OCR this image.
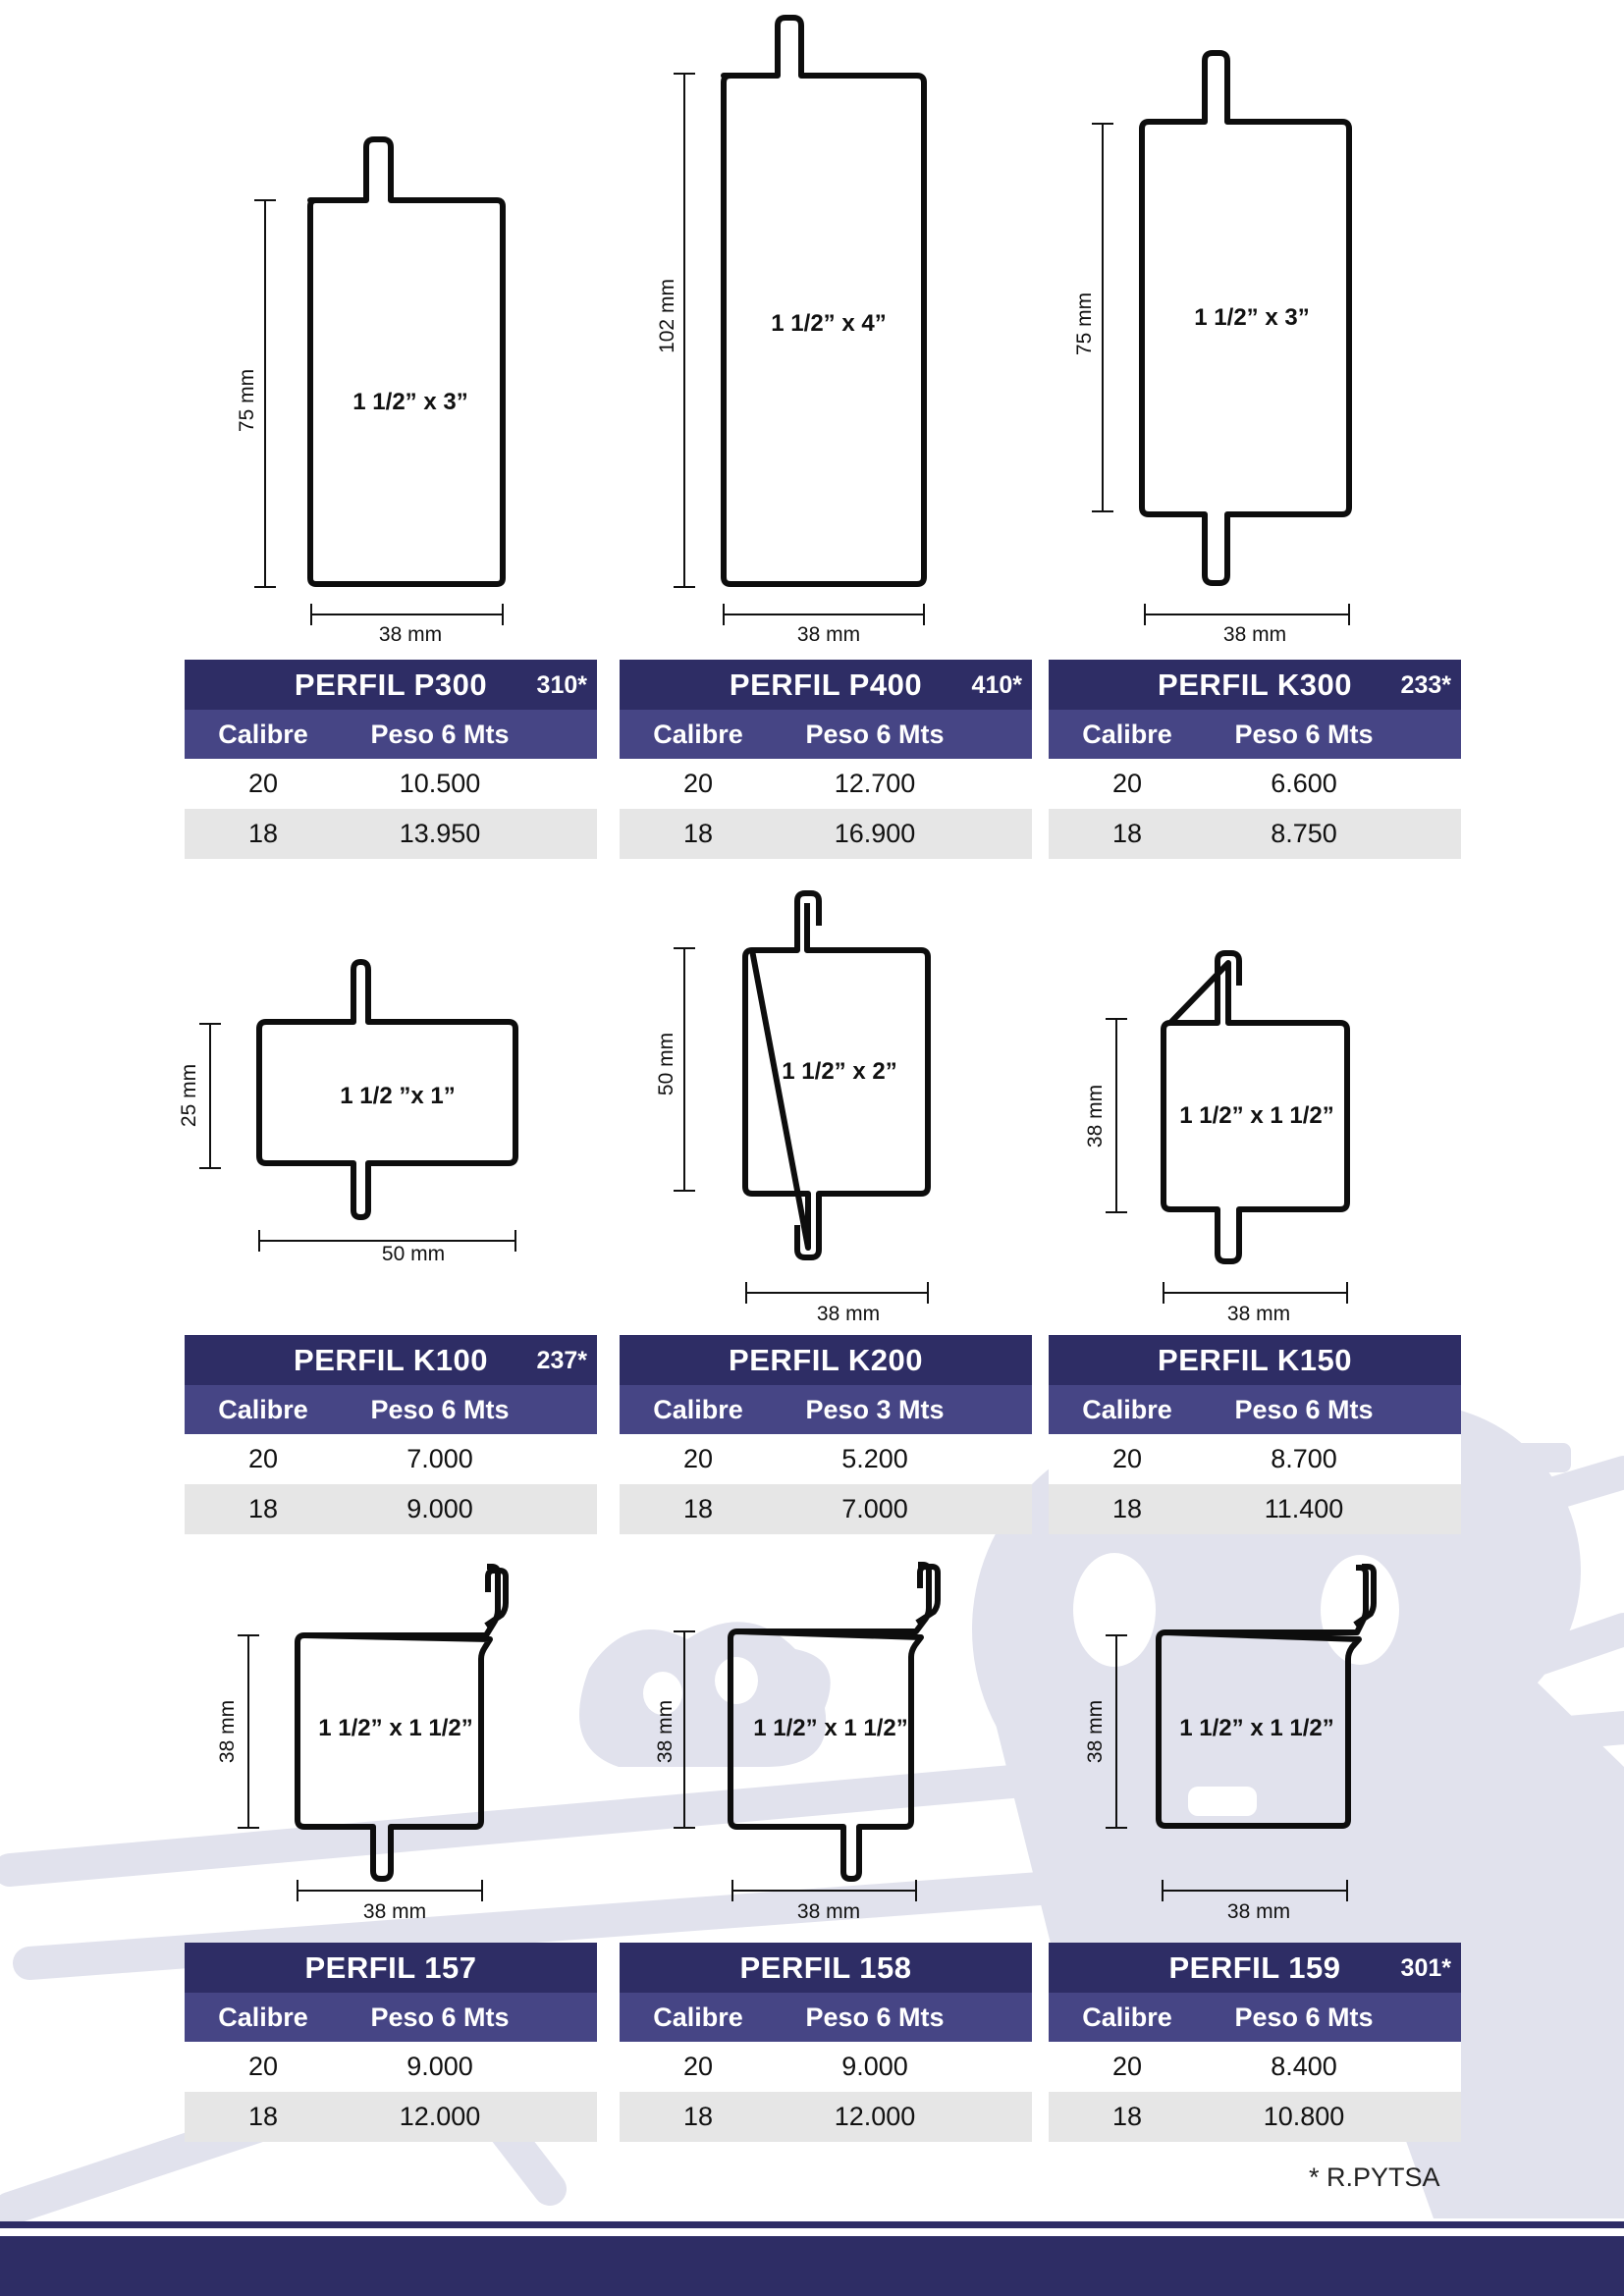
75 mm
38 mm
1 1/2” x 3”
102 mm
38 mm
1 1/2” x 4”	75 mm
38 mm
1 1/2” x 3”
25 mm
50 mm
1 1/2 ”x 1”
50 mm
38 mm
1 1/2” x 2”
38 mm
38 mm
1 1/2” x 1 1/2”
38 mm
38 mm
1 1/2” x 1 1/2”	38 mm
38 mm
1 1/2” x 1 1/2”	38 mm
38 mm
1 1/2” x 1 1/2”
PERFIL P300 310*
Calibre	Peso 6 Mts
20	10.500
18	13.950
PERFIL P400 410*
Calibre	Peso 6 Mts
20	12.700
18	16.900
PERFIL K300 233*
Calibre	Peso 6 Mts
20	6.600
18	8.750
PERFIL K100 237*
Calibre	Peso 6 Mts
20	7.000
18	9.000
PERFIL K200
Calibre	Peso 3 Mts
20	5.200
18	7.000
PERFIL K150
Calibre	Peso 6 Mts
20	8.700
18	11.400
PERFIL 157
Calibre	Peso 6 Mts
20	9.000
18	12.000
PERFIL 158
Calibre	Peso 6 Mts
20	9.000
18	12.000
PERFIL 159 301*
Calibre	Peso 6 Mts
20	8.400
18	10.800
* R.PYTSA
